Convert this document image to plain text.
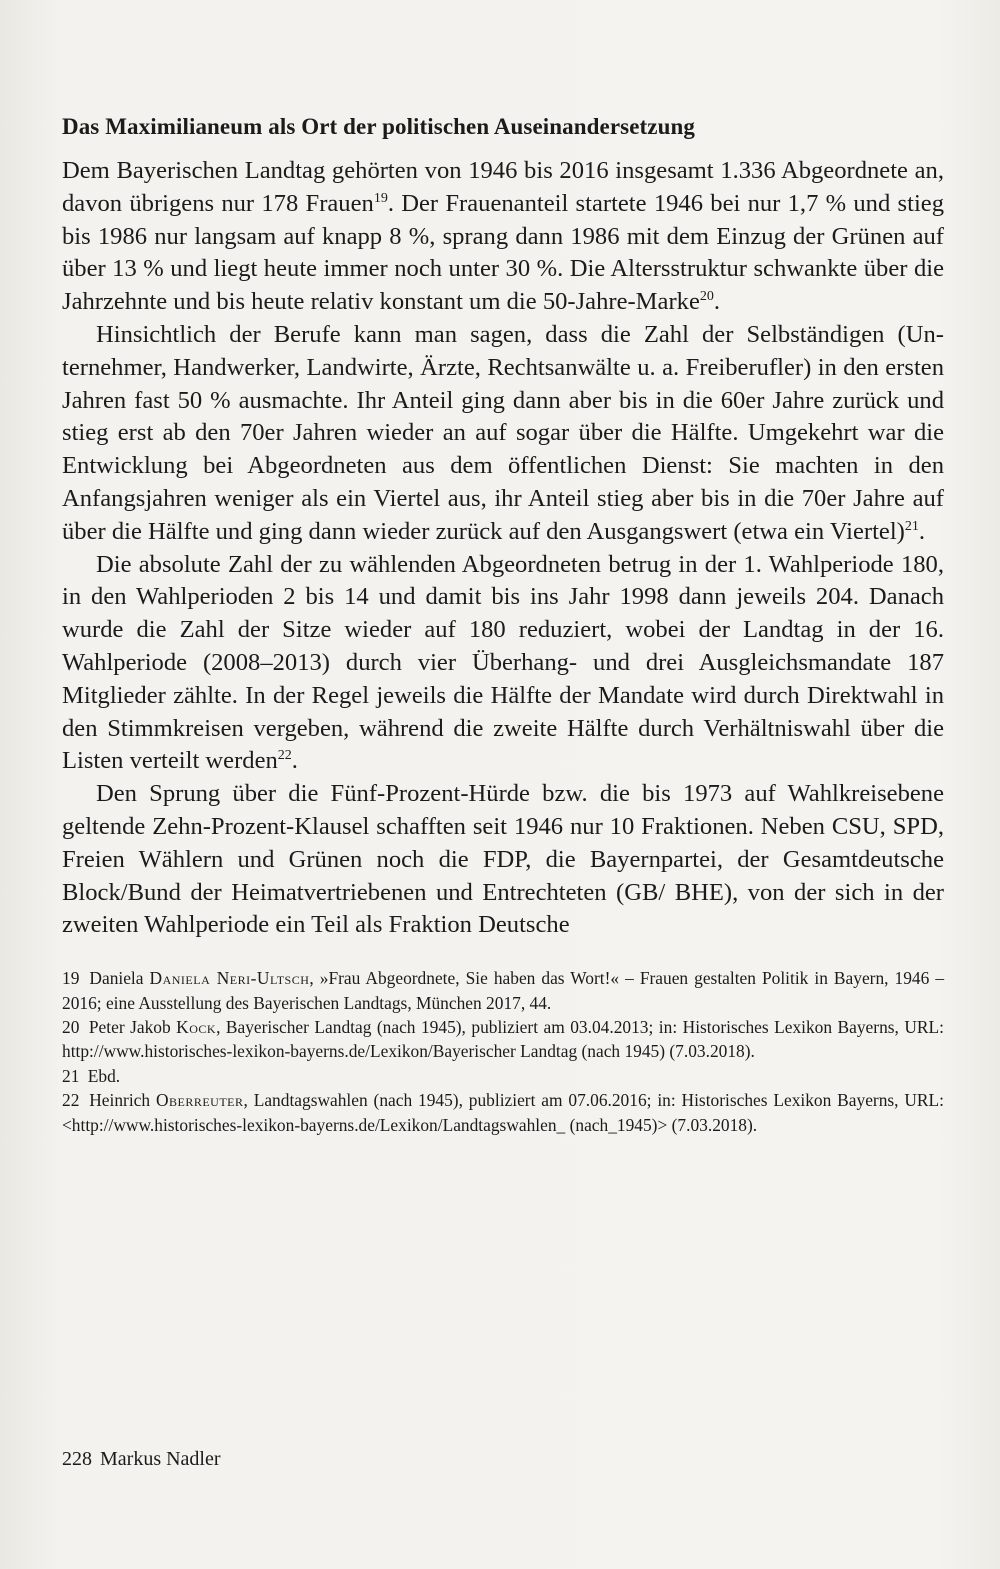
Das Maximilianeum als Ort der politischen Auseinandersetzung

Dem Bayerischen Landtag gehörten von 1946 bis 2016 insgesamt 1.336 Abgeordnete an, davon übrigens nur 178 Frauen$^{19}$. Der Frauenanteil startete 1946 bei nur 1,7 % und stieg bis 1986 nur langsam auf knapp 8 %, sprang dann 1986 mit dem Einzug der Grünen auf über 13 % und liegt heute immer noch unter 30 %. Die Altersstruktur schwankte über die Jahrzehnte und bis heute relativ konstant um die 50-Jahre-Marke$^{20}$.

Hinsichtlich der Berufe kann man sagen, dass die Zahl der Selbständigen (Unternehmer, Handwerker, Landwirte, Ärzte, Rechtsanwälte u. a. Freiberufler) in den ersten Jahren fast 50 % ausmachte. Ihr Anteil ging dann aber bis in die 60er Jahre zurück und stieg erst ab den 70er Jahren wieder an auf sogar über die Hälfte. Umgekehrt war die Entwicklung bei Abgeordneten aus dem öffentlichen Dienst: Sie machten in den Anfangsjahren weniger als ein Viertel aus, ihr Anteil stieg aber bis in die 70er Jahre auf über die Hälfte und ging dann wieder zurück auf den Ausgangswert (etwa ein Viertel)$^{21}$.

Die absolute Zahl der zu wählenden Abgeordneten betrug in der 1. Wahlperiode 180, in den Wahlperioden 2 bis 14 und damit bis ins Jahr 1998 dann jeweils 204. Danach wurde die Zahl der Sitze wieder auf 180 reduziert, wobei der Landtag in der 16. Wahlperiode (2008–2013) durch vier Überhang- und drei Ausgleichsmandate 187 Mitglieder zählte. In der Regel jeweils die Hälfte der Mandate wird durch Direktwahl in den Stimmkreisen vergeben, während die zweite Hälfte durch Verhältniswahl über die Listen verteilt werden$^{22}$.

Den Sprung über die Fünf-Prozent-Hürde bzw. die bis 1973 auf Wahlkreisebene geltende Zehn-Prozent-Klausel schafften seit 1946 nur 10 Fraktionen. Neben CSU, SPD, Freien Wählern und Grünen noch die FDP, die Bayernpartei, der Gesamtdeutsche Block/Bund der Heimatvertriebenen und Entrechteten (GB/ BHE), von der sich in der zweiten Wahlperiode ein Teil als Fraktion Deutsche

19 Daniela Daniela Neri-Ultsch, »Frau Abgeordnete, Sie haben das Wort!« – Frauen gestalten Politik in Bayern, 1946 – 2016; eine Ausstellung des Bayerischen Landtags, München 2017, 44.

20 Peter Jakob Kock, Bayerischer Landtag (nach 1945), publiziert am 03.04.2013; in: Historisches Lexikon Bayerns, URL: http://www.historisches-lexikon-bayerns.de/Lexikon/Bayerischer Landtag (nach 1945) (7.03.2018).

21 Ebd.

22 Heinrich Oberreuter, Landtagswahlen (nach 1945), publiziert am 07.06.2016; in: Historisches Lexikon Bayerns, URL: <http://www.historisches-lexikon-bayerns.de/Lexikon/Landtagswahlen_ (nach_1945)> (7.03.2018).

228 Markus Nadler
